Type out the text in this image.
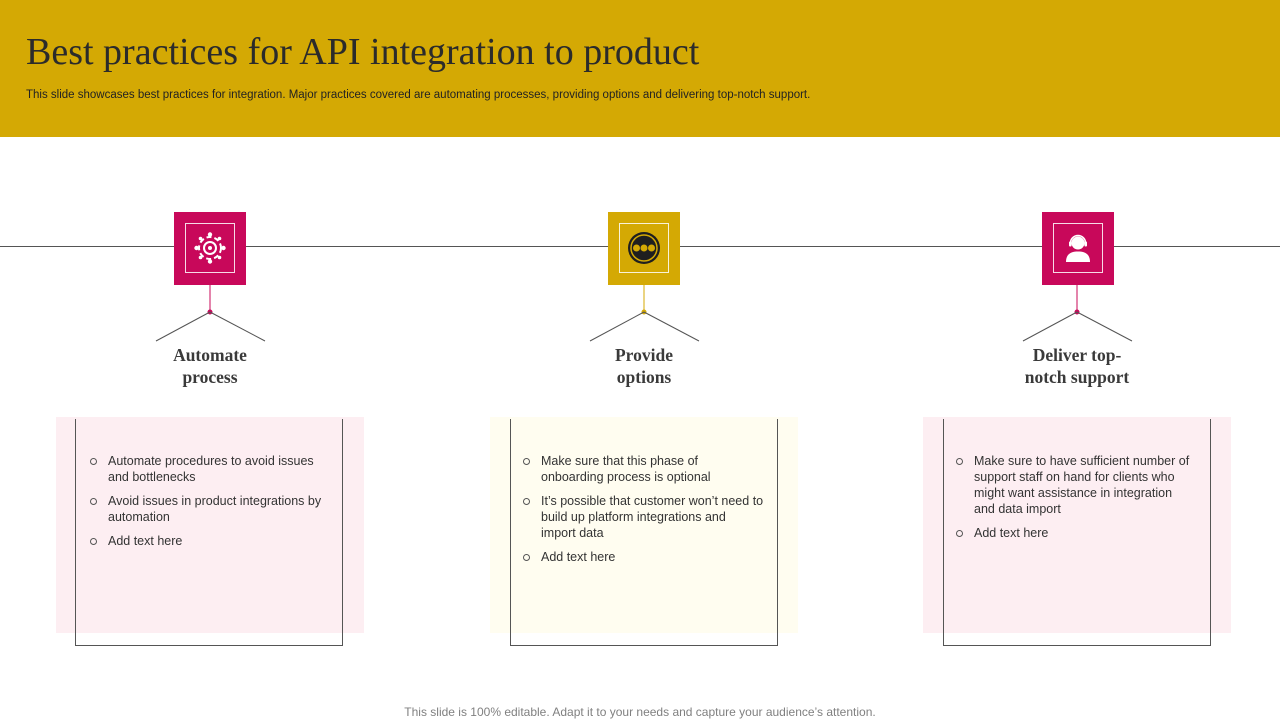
Best practices for API integration to product

This slide showcases best practices for integration. Major practices covered are automating processes, providing options and delivering top-notch support.

Automate
process
Automate procedures to avoid issues and bottlenecks
Avoid issues in product integrations by automation
Add text here
Provide
options
Make sure that this phase of onboarding process is optional
It’s possible that customer won’t need to build up platform integrations and import data
Add text here
Deliver top-
notch support
Make sure to have sufficient number of support staff on hand for clients who might want assistance in integration and data import
Add text here
This slide is 100% editable. Adapt it to your needs and capture your audience’s attention.
